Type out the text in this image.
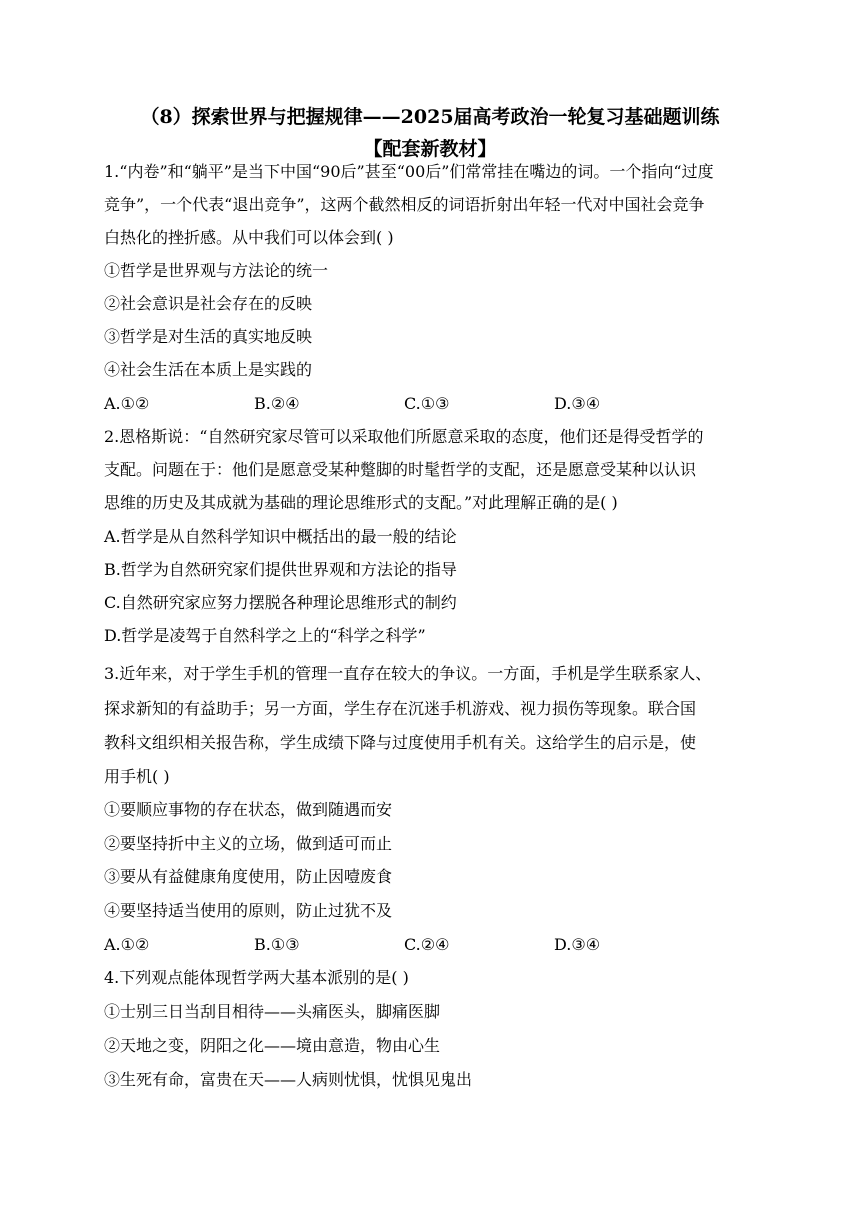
（8）探索世界与把握规律——2025届高考政治一轮复习基础题训练
【配套新教材】
1.“内卷”和“躺平”是当下中国“90后”甚至“00后”们常常挂在嘴边的词。一个指向“过度
竞争”，一个代表“退出竞争”，这两个截然相反的词语折射出年轻一代对中国社会竞争
白热化的挫折感。从中我们可以体会到( )
①哲学是世界观与方法论的统一
②社会意识是社会存在的反映
③哲学是对生活的真实地反映
④社会生活在本质上是实践的
A.①②	B.②④	C.①③	D.③④
2.恩格斯说：“自然研究家尽管可以采取他们所愿意采取的态度，他们还是得受哲学的
支配。问题在于：他们是愿意受某种蹩脚的时髦哲学的支配，还是愿意受某种以认识
思维的历史及其成就为基础的理论思维形式的支配。”对此理解正确的是( )
A.哲学是从自然科学知识中概括出的最一般的结论
B.哲学为自然研究家们提供世界观和方法论的指导
C.自然研究家应努力摆脱各种理论思维形式的制约
D.哲学是凌驾于自然科学之上的“科学之科学”
3.近年来，对于学生手机的管理一直存在较大的争议。一方面，手机是学生联系家人、
探求新知的有益助手；另一方面，学生存在沉迷手机游戏、视力损伤等现象。联合国
教科文组织相关报告称，学生成绩下降与过度使用手机有关。这给学生的启示是，使
用手机( )
①要顺应事物的存在状态，做到随遇而安
②要坚持折中主义的立场，做到适可而止
③要从有益健康角度使用，防止因噎废食
④要坚持适当使用的原则，防止过犹不及
A.①②	B.①③	C.②④	D.③④
4.下列观点能体现哲学两大基本派别的是( )
①士别三日当刮目相待——头痛医头，脚痛医脚
②天地之变，阴阳之化——境由意造，物由心生
③生死有命，富贵在天——人病则忧惧，忧惧见鬼出
